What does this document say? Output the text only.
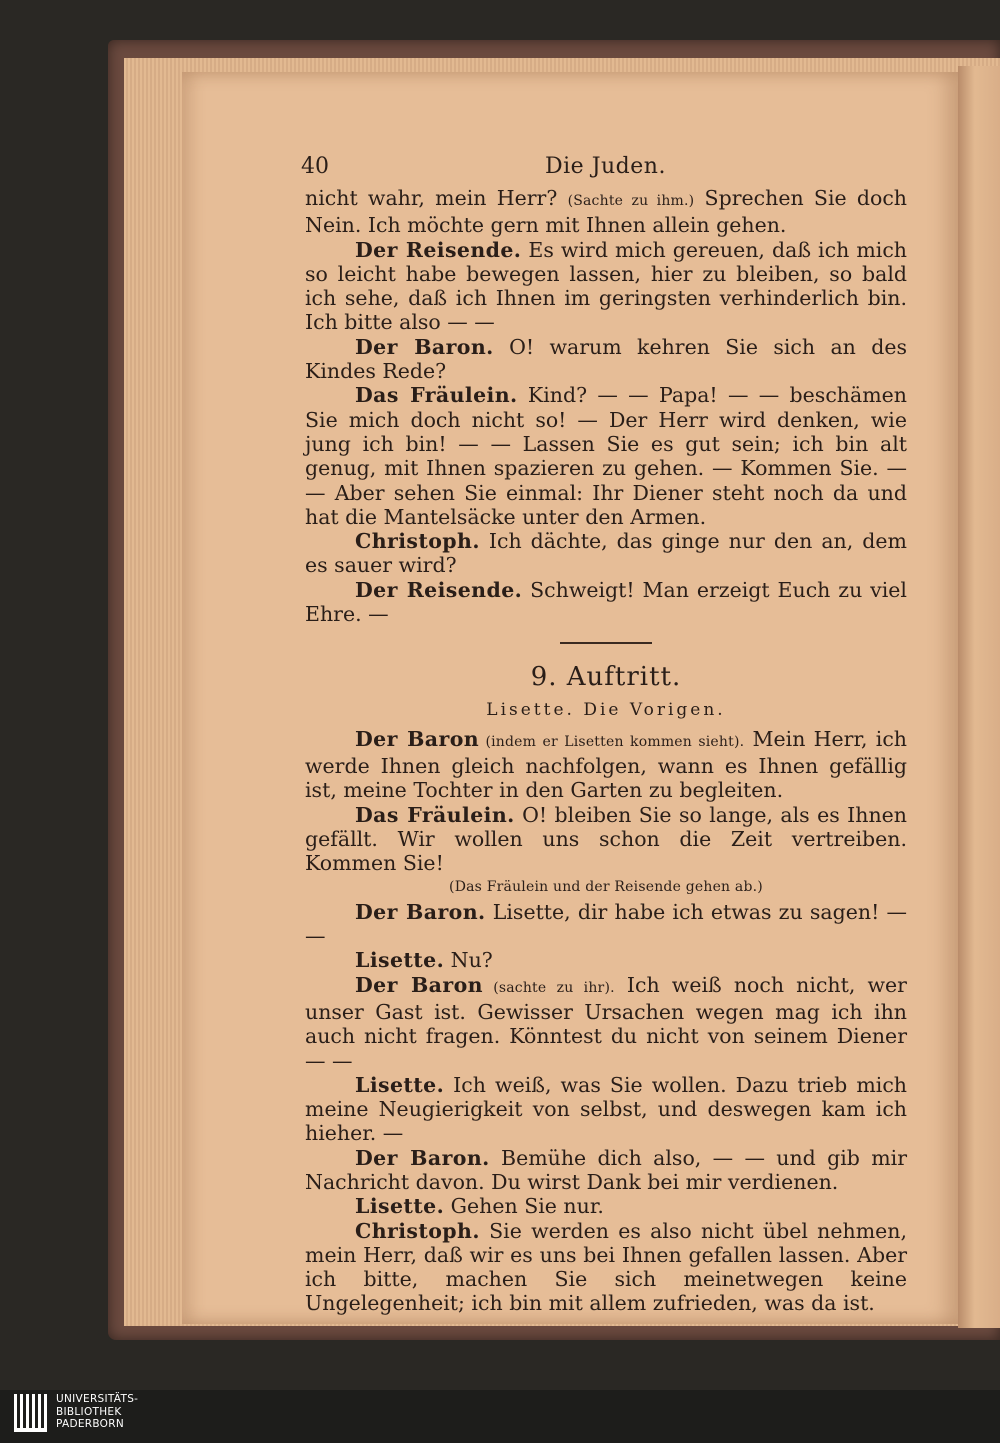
40	Die Juden.

nicht wahr, mein Herr? (Sachte zu ihm.) Sprechen Sie doch Nein. Ich möchte gern mit Ihnen allein gehen.

Der Reisende. Es wird mich gereuen, daß ich mich so leicht habe bewegen lassen, hier zu bleiben, so bald ich sehe, daß ich Ihnen im geringsten verhinderlich bin. Ich bitte also — —

Der Baron. O! warum kehren Sie sich an des Kindes Rede?

Das Fräulein. Kind? — — Papa! — — beschämen Sie mich doch nicht so! — Der Herr wird denken, wie jung ich bin! — — Lassen Sie es gut sein; ich bin alt genug, mit Ihnen spazieren zu gehen. — Kommen Sie. — — Aber sehen Sie einmal: Ihr Diener steht noch da und hat die Mantelsäcke unter den Armen.

Christoph. Ich dächte, das ginge nur den an, dem es sauer wird?

Der Reisende. Schweigt! Man erzeigt Euch zu viel Ehre. —

9. Auftritt.
Lisette. Die Vorigen.

Der Baron (indem er Lisetten kommen sieht). Mein Herr, ich werde Ihnen gleich nachfolgen, wann es Ihnen gefällig ist, meine Tochter in den Garten zu begleiten.

Das Fräulein. O! bleiben Sie so lange, als es Ihnen gefällt. Wir wollen uns schon die Zeit vertreiben. Kommen Sie!

(Das Fräulein und der Reisende gehen ab.)

Der Baron. Lisette, dir habe ich etwas zu sagen! — —

Lisette. Nu?

Der Baron (sachte zu ihr). Ich weiß noch nicht, wer unser Gast ist. Gewisser Ursachen wegen mag ich ihn auch nicht fragen. Könntest du nicht von seinem Diener — —

Lisette. Ich weiß, was Sie wollen. Dazu trieb mich meine Neugierigkeit von selbst, und deswegen kam ich hieher. —

Der Baron. Bemühe dich also, — — und gib mir Nachricht davon. Du wirst Dank bei mir verdienen.

Lisette. Gehen Sie nur.

Christoph. Sie werden es also nicht übel nehmen, mein Herr, daß wir es uns bei Ihnen gefallen lassen. Aber ich bitte, machen Sie sich meinetwegen keine Ungelegenheit; ich bin mit allem zufrieden, was da ist.

UNIVERSITÄTS-
BIBLIOTHEK
PADERBORN
